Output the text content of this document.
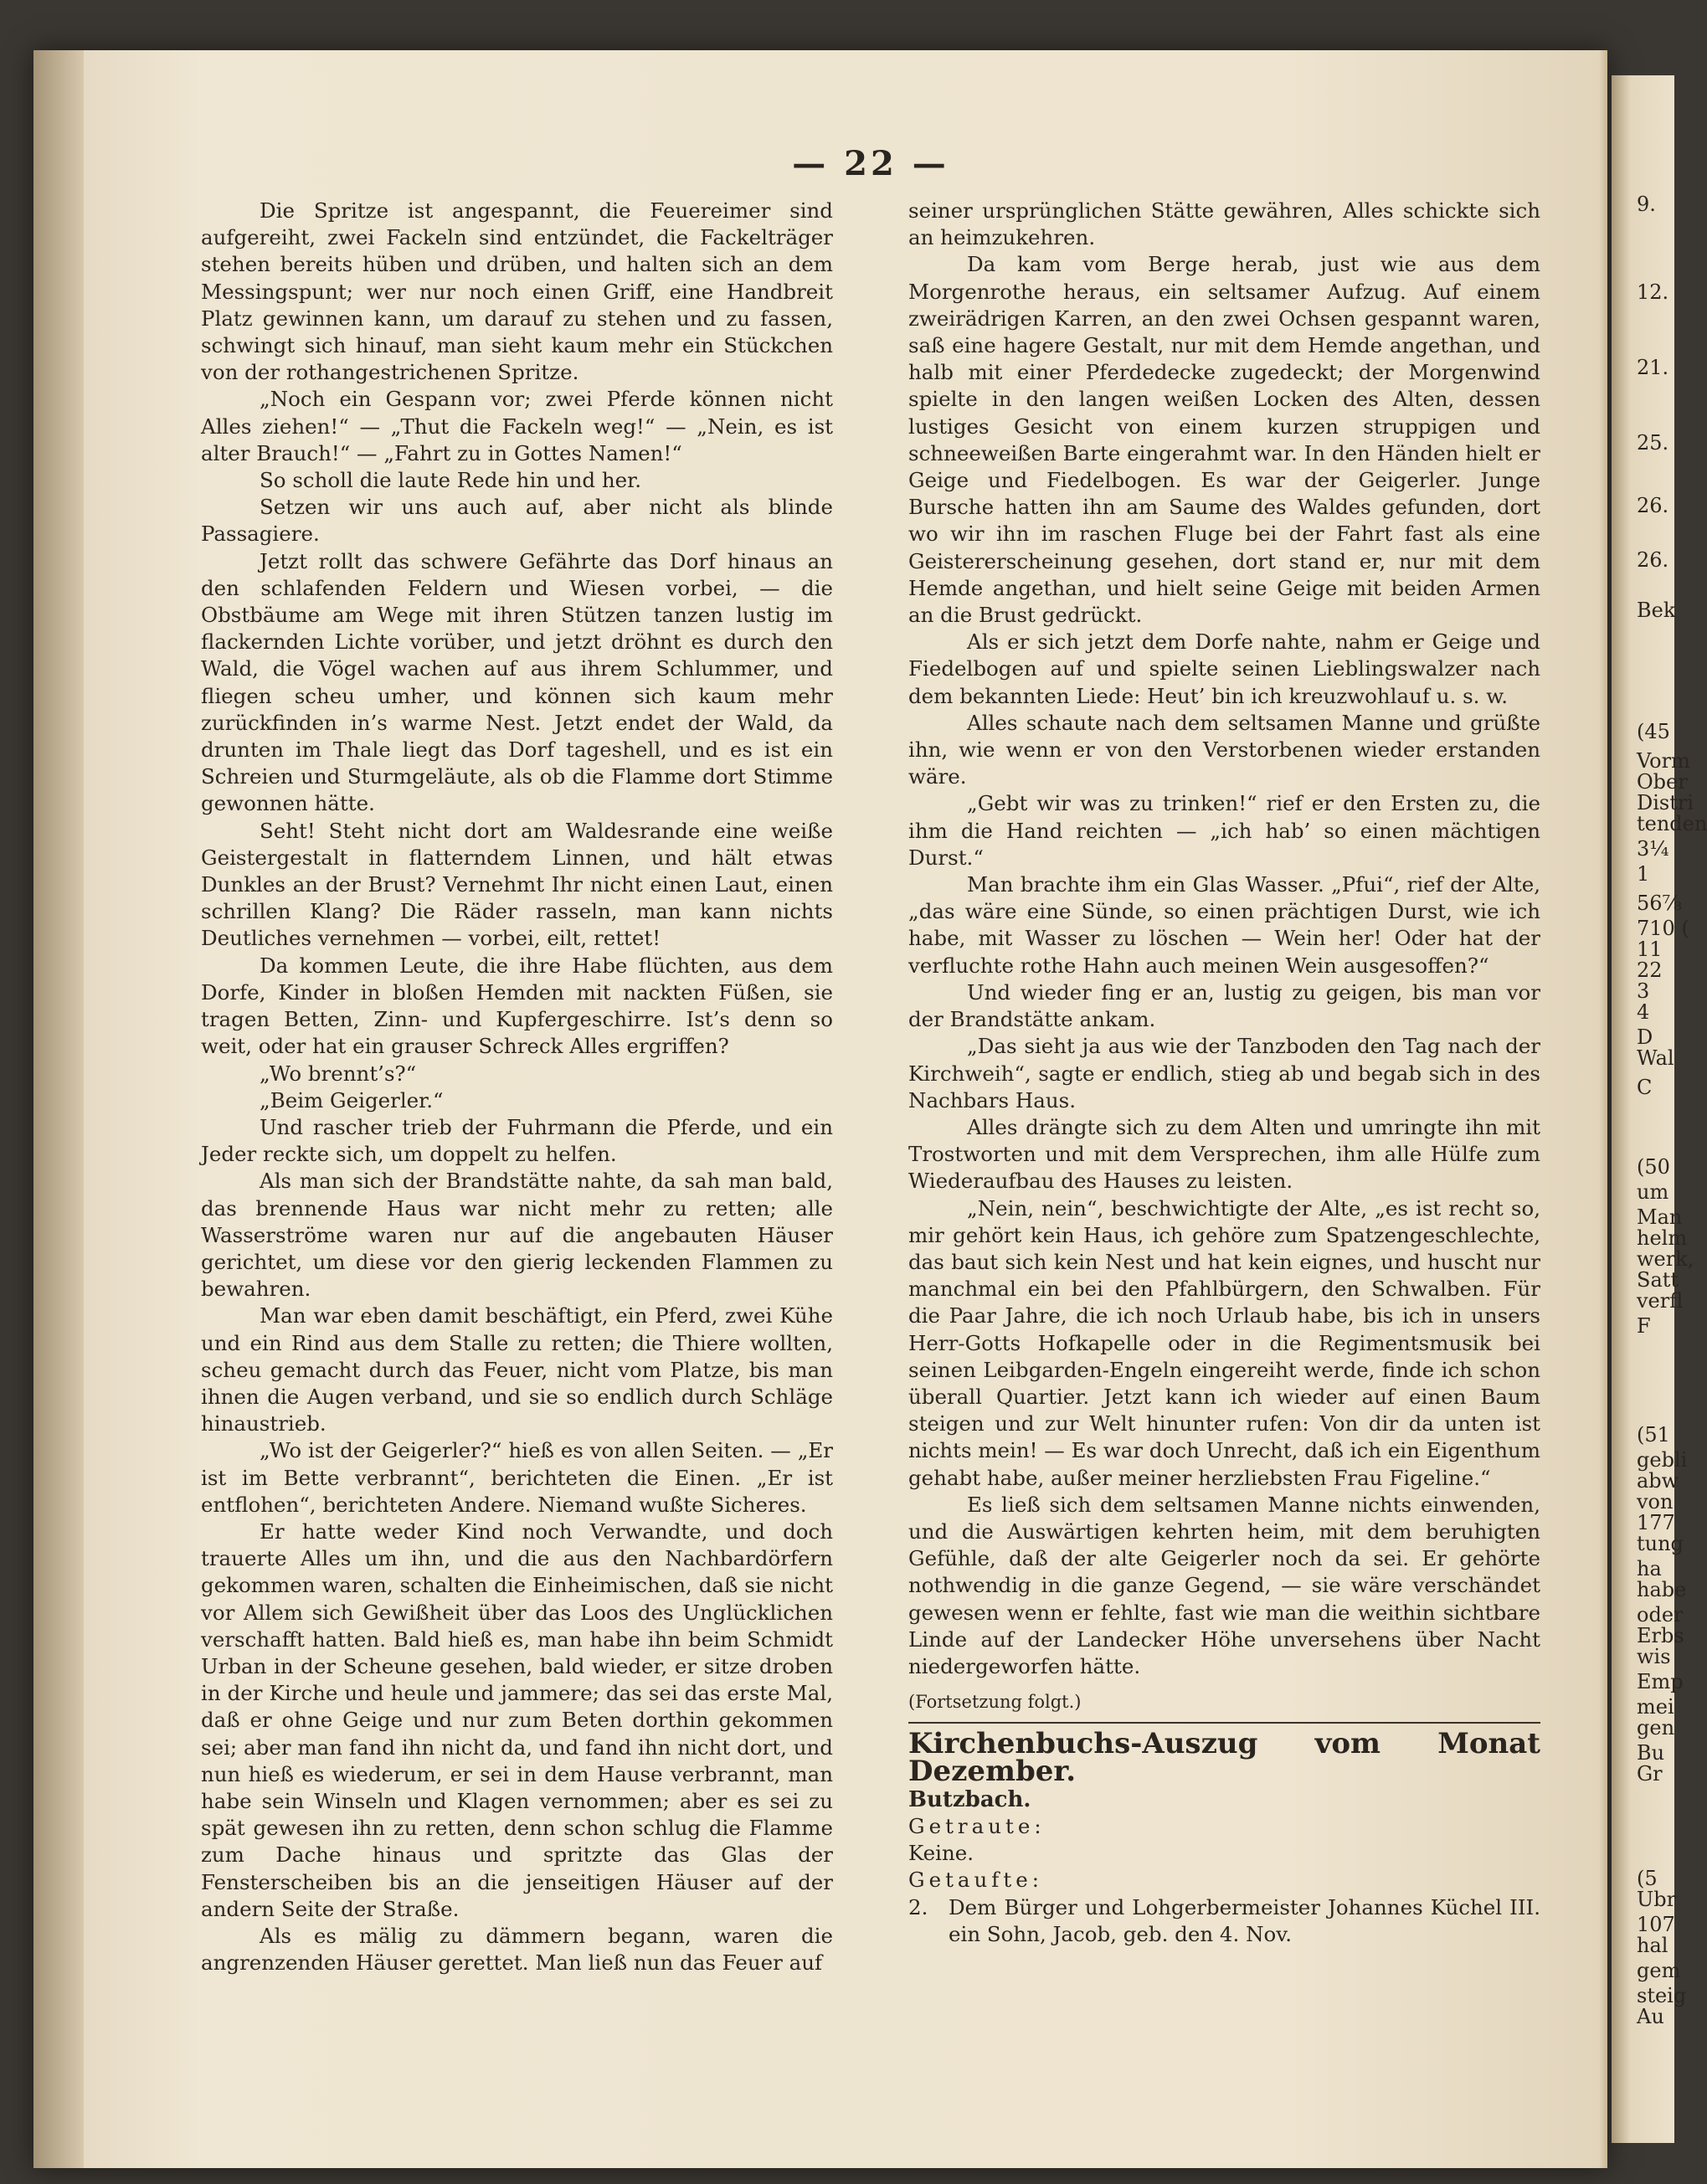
— 22 —

Die Spritze ist angespannt, die Feuereimer sind aufgereiht, zwei Fackeln sind entzündet, die Fackelträger stehen bereits hüben und drüben, und halten sich an dem Messingspunt; wer nur noch einen Griff, eine Handbreit Platz gewinnen kann, um darauf zu stehen und zu fassen, schwingt sich hinauf, man sieht kaum mehr ein Stückchen von der rothangestrichenen Spritze.

„Noch ein Gespann vor; zwei Pferde können nicht Alles ziehen!“ — „Thut die Fackeln weg!“ — „Nein, es ist alter Brauch!“ — „Fahrt zu in Gottes Namen!“

So scholl die laute Rede hin und her.

Setzen wir uns auch auf, aber nicht als blinde Passagiere.

Jetzt rollt das schwere Gefährte das Dorf hinaus an den schlafenden Feldern und Wiesen vorbei, — die Obstbäume am Wege mit ihren Stützen tanzen lustig im flackernden Lichte vorüber, und jetzt dröhnt es durch den Wald, die Vögel wachen auf aus ihrem Schlummer, und fliegen scheu umher, und können sich kaum mehr zurückfinden in’s warme Nest. Jetzt endet der Wald, da drunten im Thale liegt das Dorf tageshell, und es ist ein Schreien und Sturmgeläute, als ob die Flamme dort Stimme gewonnen hätte.

Seht! Steht nicht dort am Waldesrande eine weiße Geistergestalt in flatterndem Linnen, und hält etwas Dunkles an der Brust? Vernehmt Ihr nicht einen Laut, einen schrillen Klang? Die Räder rasseln, man kann nichts Deutliches vernehmen — vorbei, eilt, rettet!

Da kommen Leute, die ihre Habe flüchten, aus dem Dorfe, Kinder in bloßen Hemden mit nackten Füßen, sie tragen Betten, Zinn- und Kupfergeschirre. Ist’s denn so weit, oder hat ein grauser Schreck Alles ergriffen?

„Wo brennt’s?“

„Beim Geigerler.“

Und rascher trieb der Fuhrmann die Pferde, und ein Jeder reckte sich, um doppelt zu helfen.

Als man sich der Brandstätte nahte, da sah man bald, das brennende Haus war nicht mehr zu retten; alle Wasserströme waren nur auf die angebauten Häuser gerichtet, um diese vor den gierig leckenden Flammen zu bewahren.

Man war eben damit beschäftigt, ein Pferd, zwei Kühe und ein Rind aus dem Stalle zu retten; die Thiere wollten, scheu gemacht durch das Feuer, nicht vom Platze, bis man ihnen die Augen verband, und sie so endlich durch Schläge hinaustrieb.

„Wo ist der Geigerler?“ hieß es von allen Seiten. — „Er ist im Bette verbrannt“, berichteten die Einen. „Er ist entflohen“, berichteten Andere. Niemand wußte Sicheres.

Er hatte weder Kind noch Verwandte, und doch trauerte Alles um ihn, und die aus den Nachbardörfern gekommen waren, schalten die Einheimischen, daß sie nicht vor Allem sich Gewißheit über das Loos des Unglücklichen verschafft hatten. Bald hieß es, man habe ihn beim Schmidt Urban in der Scheune gesehen, bald wieder, er sitze droben in der Kirche und heule und jammere; das sei das erste Mal, daß er ohne Geige und nur zum Beten dorthin gekommen sei; aber man fand ihn nicht da, und fand ihn nicht dort, und nun hieß es wiederum, er sei in dem Hause verbrannt, man habe sein Winseln und Klagen vernommen; aber es sei zu spät gewesen ihn zu retten, denn schon schlug die Flamme zum Dache hinaus und spritzte das Glas der Fensterscheiben bis an die jenseitigen Häuser auf der andern Seite der Straße.

Als es mälig zu dämmern begann, waren die angrenzenden Häuser gerettet. Man ließ nun das Feuer auf

seiner ursprünglichen Stätte gewähren, Alles schickte sich an heimzukehren.

Da kam vom Berge herab, just wie aus dem Morgenrothe heraus, ein seltsamer Aufzug. Auf einem zweirädrigen Karren, an den zwei Ochsen gespannt waren, saß eine hagere Gestalt, nur mit dem Hemde angethan, und halb mit einer Pferdedecke zugedeckt; der Morgenwind spielte in den langen weißen Locken des Alten, dessen lustiges Gesicht von einem kurzen struppigen und schneeweißen Barte eingerahmt war. In den Händen hielt er Geige und Fiedelbogen. Es war der Geigerler. Junge Bursche hatten ihn am Saume des Waldes gefunden, dort wo wir ihn im raschen Fluge bei der Fahrt fast als eine Geistererscheinung gesehen, dort stand er, nur mit dem Hemde angethan, und hielt seine Geige mit beiden Armen an die Brust gedrückt.

Als er sich jetzt dem Dorfe nahte, nahm er Geige und Fiedelbogen auf und spielte seinen Lieblingswalzer nach dem bekannten Liede: Heut’ bin ich kreuzwohlauf u. s. w.

Alles schaute nach dem seltsamen Manne und grüßte ihn, wie wenn er von den Verstorbenen wieder erstanden wäre.

„Gebt wir was zu trinken!“ rief er den Ersten zu, die ihm die Hand reichten — „ich hab’ so einen mächtigen Durst.“

Man brachte ihm ein Glas Wasser. „Pfui“, rief der Alte, „das wäre eine Sünde, so einen prächtigen Durst, wie ich habe, mit Wasser zu löschen — Wein her! Oder hat der verfluchte rothe Hahn auch meinen Wein ausgesoffen?“

Und wieder fing er an, lustig zu geigen, bis man vor der Brandstätte ankam.

„Das sieht ja aus wie der Tanzboden den Tag nach der Kirchweih“, sagte er endlich, stieg ab und begab sich in des Nachbars Haus.

Alles drängte sich zu dem Alten und umringte ihn mit Trostworten und mit dem Versprechen, ihm alle Hülfe zum Wiederaufbau des Hauses zu leisten.

„Nein, nein“, beschwichtigte der Alte, „es ist recht so, mir gehört kein Haus, ich gehöre zum Spatzengeschlechte, das baut sich kein Nest und hat kein eignes, und huscht nur manchmal ein bei den Pfahlbürgern, den Schwalben. Für die Paar Jahre, die ich noch Urlaub habe, bis ich in unsers Herr-Gotts Hofkapelle oder in die Regimentsmusik bei seinen Leibgarden-Engeln eingereiht werde, finde ich schon überall Quartier. Jetzt kann ich wieder auf einen Baum steigen und zur Welt hinunter rufen: Von dir da unten ist nichts mein! — Es war doch Unrecht, daß ich ein Eigenthum gehabt habe, außer meiner herzliebsten Frau Figeline.“

Es ließ sich dem seltsamen Manne nichts einwenden, und die Auswärtigen kehrten heim, mit dem beruhigten Gefühle, daß der alte Geigerler noch da sei. Er gehörte nothwendig in die ganze Gegend, — sie wäre verschändet gewesen wenn er fehlte, fast wie man die weithin sichtbare Linde auf der Landecker Höhe unversehens über Nacht niedergeworfen hätte.

(Fortsetzung folgt.)

Kirchenbuchs-Auszug vom Monat Dezember.

Butzbach.

Getraute:

Keine.

Getaufte:

2.	Dem Bürger und Lohgerbermeister Johannes Küchel III. ein Sohn, Jacob, geb. den 4. Nov.
9.
12.
21.
25.
26.
26.
Bek
(45
Vorm
Ober
Distri
tenden
3¼
1
56⅞
710 (
11
22
3
4
D
Wal
C
(50
um
Man
helm
werk,
Satt
verfl
F
(51
gebli
abw
von
177
tung
ha
habe
oder
Erbs
wis
Emp
mei
gen
Bu
Gr
(5
Ubr
107
hal
gem
steig
Au
